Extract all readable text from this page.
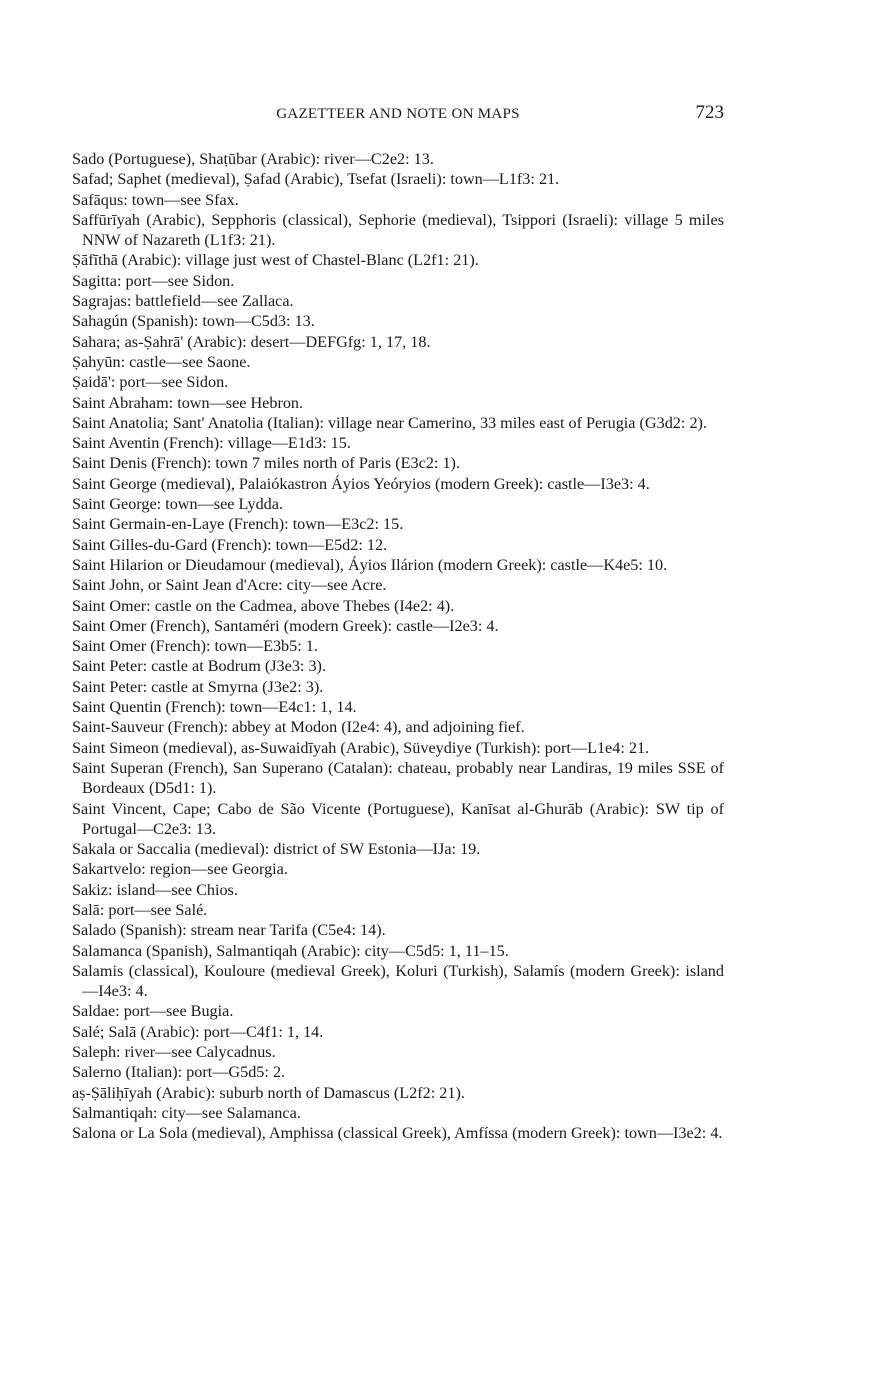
GAZETTEER AND NOTE ON MAPS	723
Sado (Portuguese), Shaṭūbar (Arabic): river—C2e2: 13.
Safad; Saphet (medieval), Ṣafad (Arabic), Tsefat (Israeli): town—L1f3: 21.
Safāqus: town—see Sfax.
Saffūrīyah (Arabic), Sepphoris (classical), Sephorie (medieval), Tsippori (Israeli): village 5 miles NNW of Nazareth (L1f3: 21).
Ṣāfīthā (Arabic): village just west of Chastel-Blanc (L2f1: 21).
Sagitta: port—see Sidon.
Sagrajas: battlefield—see Zallaca.
Sahagún (Spanish): town—C5d3: 13.
Sahara; as-Ṣahrā' (Arabic): desert—DEFGfg: 1, 17, 18.
Ṣahyūn: castle—see Saone.
Ṣaidā': port—see Sidon.
Saint Abraham: town—see Hebron.
Saint Anatolia; Sant' Anatolia (Italian): village near Camerino, 33 miles east of Perugia (G3d2: 2).
Saint Aventin (French): village—E1d3: 15.
Saint Denis (French): town 7 miles north of Paris (E3c2: 1).
Saint George (medieval), Palaiókastron Áyios Yeóryios (modern Greek): castle—I3e3: 4.
Saint George: town—see Lydda.
Saint Germain-en-Laye (French): town—E3c2: 15.
Saint Gilles-du-Gard (French): town—E5d2: 12.
Saint Hilarion or Dieudamour (medieval), Áyios Ilárion (modern Greek): castle—K4e5: 10.
Saint John, or Saint Jean d'Acre: city—see Acre.
Saint Omer: castle on the Cadmea, above Thebes (I4e2: 4).
Saint Omer (French), Santaméri (modern Greek): castle—I2e3: 4.
Saint Omer (French): town—E3b5: 1.
Saint Peter: castle at Bodrum (J3e3: 3).
Saint Peter: castle at Smyrna (J3e2: 3).
Saint Quentin (French): town—E4c1: 1, 14.
Saint-Sauveur (French): abbey at Modon (I2e4: 4), and adjoining fief.
Saint Simeon (medieval), as-Suwaidīyah (Arabic), Süveydiye (Turkish): port—L1e4: 21.
Saint Superan (French), San Superano (Catalan): chateau, probably near Landiras, 19 miles SSE of Bordeaux (D5d1: 1).
Saint Vincent, Cape; Cabo de São Vicente (Portuguese), Kanīsat al-Ghurāb (Arabic): SW tip of Portugal—C2e3: 13.
Sakala or Saccalia (medieval): district of SW Estonia—IJa: 19.
Sakartvelo: region—see Georgia.
Sakiz: island—see Chios.
Salā: port—see Salé.
Salado (Spanish): stream near Tarifa (C5e4: 14).
Salamanca (Spanish), Salmantiqah (Arabic): city—C5d5: 1, 11–15.
Salamis (classical), Kouloure (medieval Greek), Koluri (Turkish), Salamís (modern Greek): island—I4e3: 4.
Saldae: port—see Bugia.
Salé; Salā (Arabic): port—C4f1: 1, 14.
Saleph: river—see Calycadnus.
Salerno (Italian): port—G5d5: 2.
aṣ-Ṣāliḥīyah (Arabic): suburb north of Damascus (L2f2: 21).
Salmantiqah: city—see Salamanca.
Salona or La Sola (medieval), Amphissa (classical Greek), Amfíssa (modern Greek): town—I3e2: 4.
